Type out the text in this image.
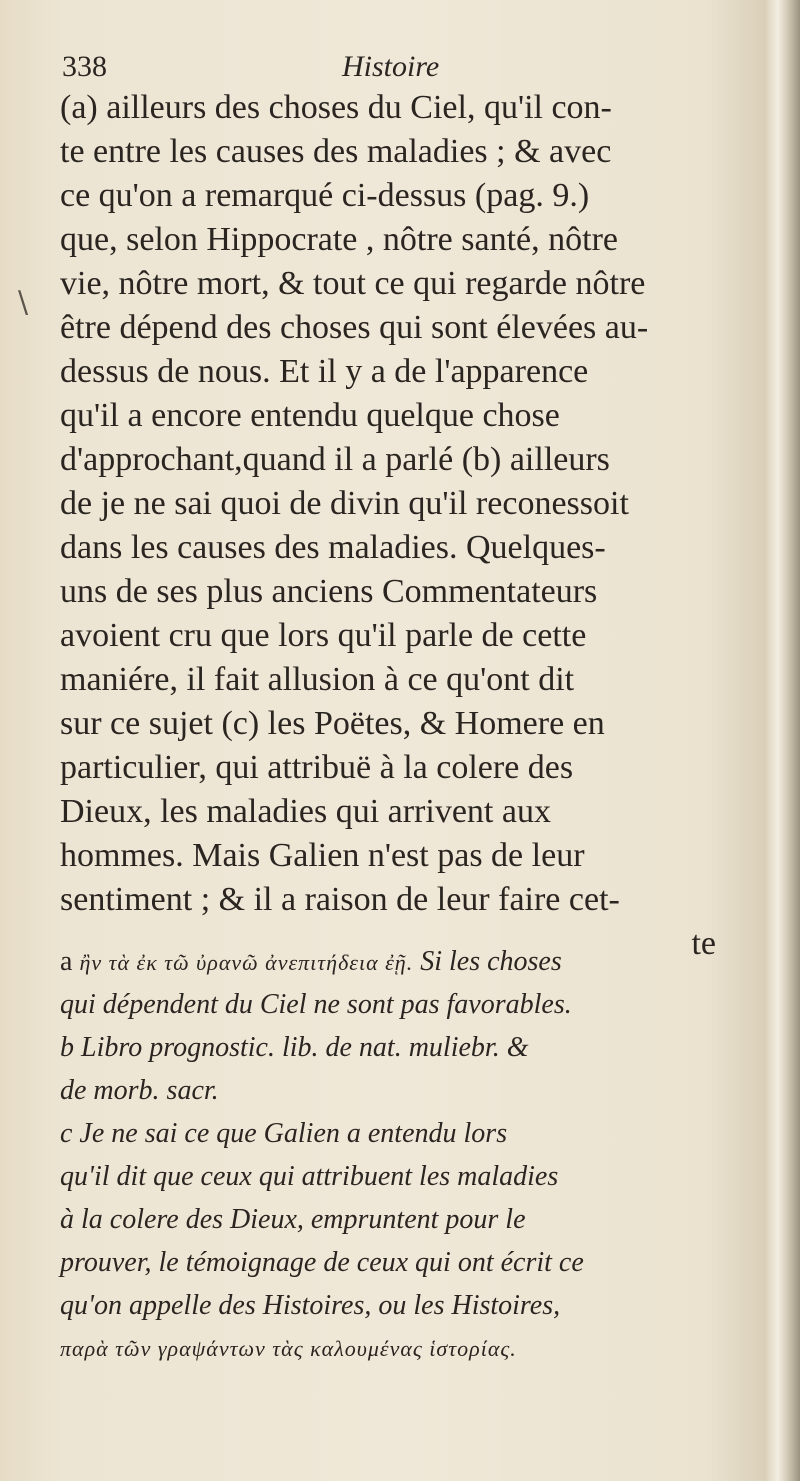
\
338	Histoire
(a) ailleurs des choses du Ciel, qu'il con-
te entre les causes des maladies ; & avec
ce qu'on a remarqué ci-dessus (pag. 9.)
que, selon Hippocrate , nôtre santé, nôtre
vie, nôtre mort, & tout ce qui regarde nôtre
être dépend des choses qui sont élevées au-
dessus de nous. Et il y a de l'apparence
qu'il a encore entendu quelque chose
d'approchant,quand il a parlé (b) ailleurs
de je ne sai quoi de divin qu'il reconessoit
dans les causes des maladies. Quelques-
uns de ses plus anciens Commentateurs
avoient cru que lors qu'il parle de cette
maniére, il fait allusion à ce qu'ont dit
sur ce sujet (c) les Poëtes, & Homere en
particulier, qui attribuë à la colere des
Dieux, les maladies qui arrivent aux
hommes. Mais Galien n'est pas de leur
sentiment ; & il a raison de leur faire cet-
te
a ἢν τὰ ἐκ τῶ ὐρανῶ ἀνεπιτήδεια ἐῇ. Si les choses
qui dépendent du Ciel ne sont pas favorables.
b Libro prognostic. lib. de nat. muliebr. &
de morb. sacr.
c Je ne sai ce que Galien a entendu lors
qu'il dit que ceux qui attribuent les maladies
à la colere des Dieux, empruntent pour le
prouver, le témoignage de ceux qui ont écrit ce
qu'on appelle des Histoires, ou les Histoires,
παρὰ τῶν γραψάντων τὰς καλουμένας ἱστορίας.
